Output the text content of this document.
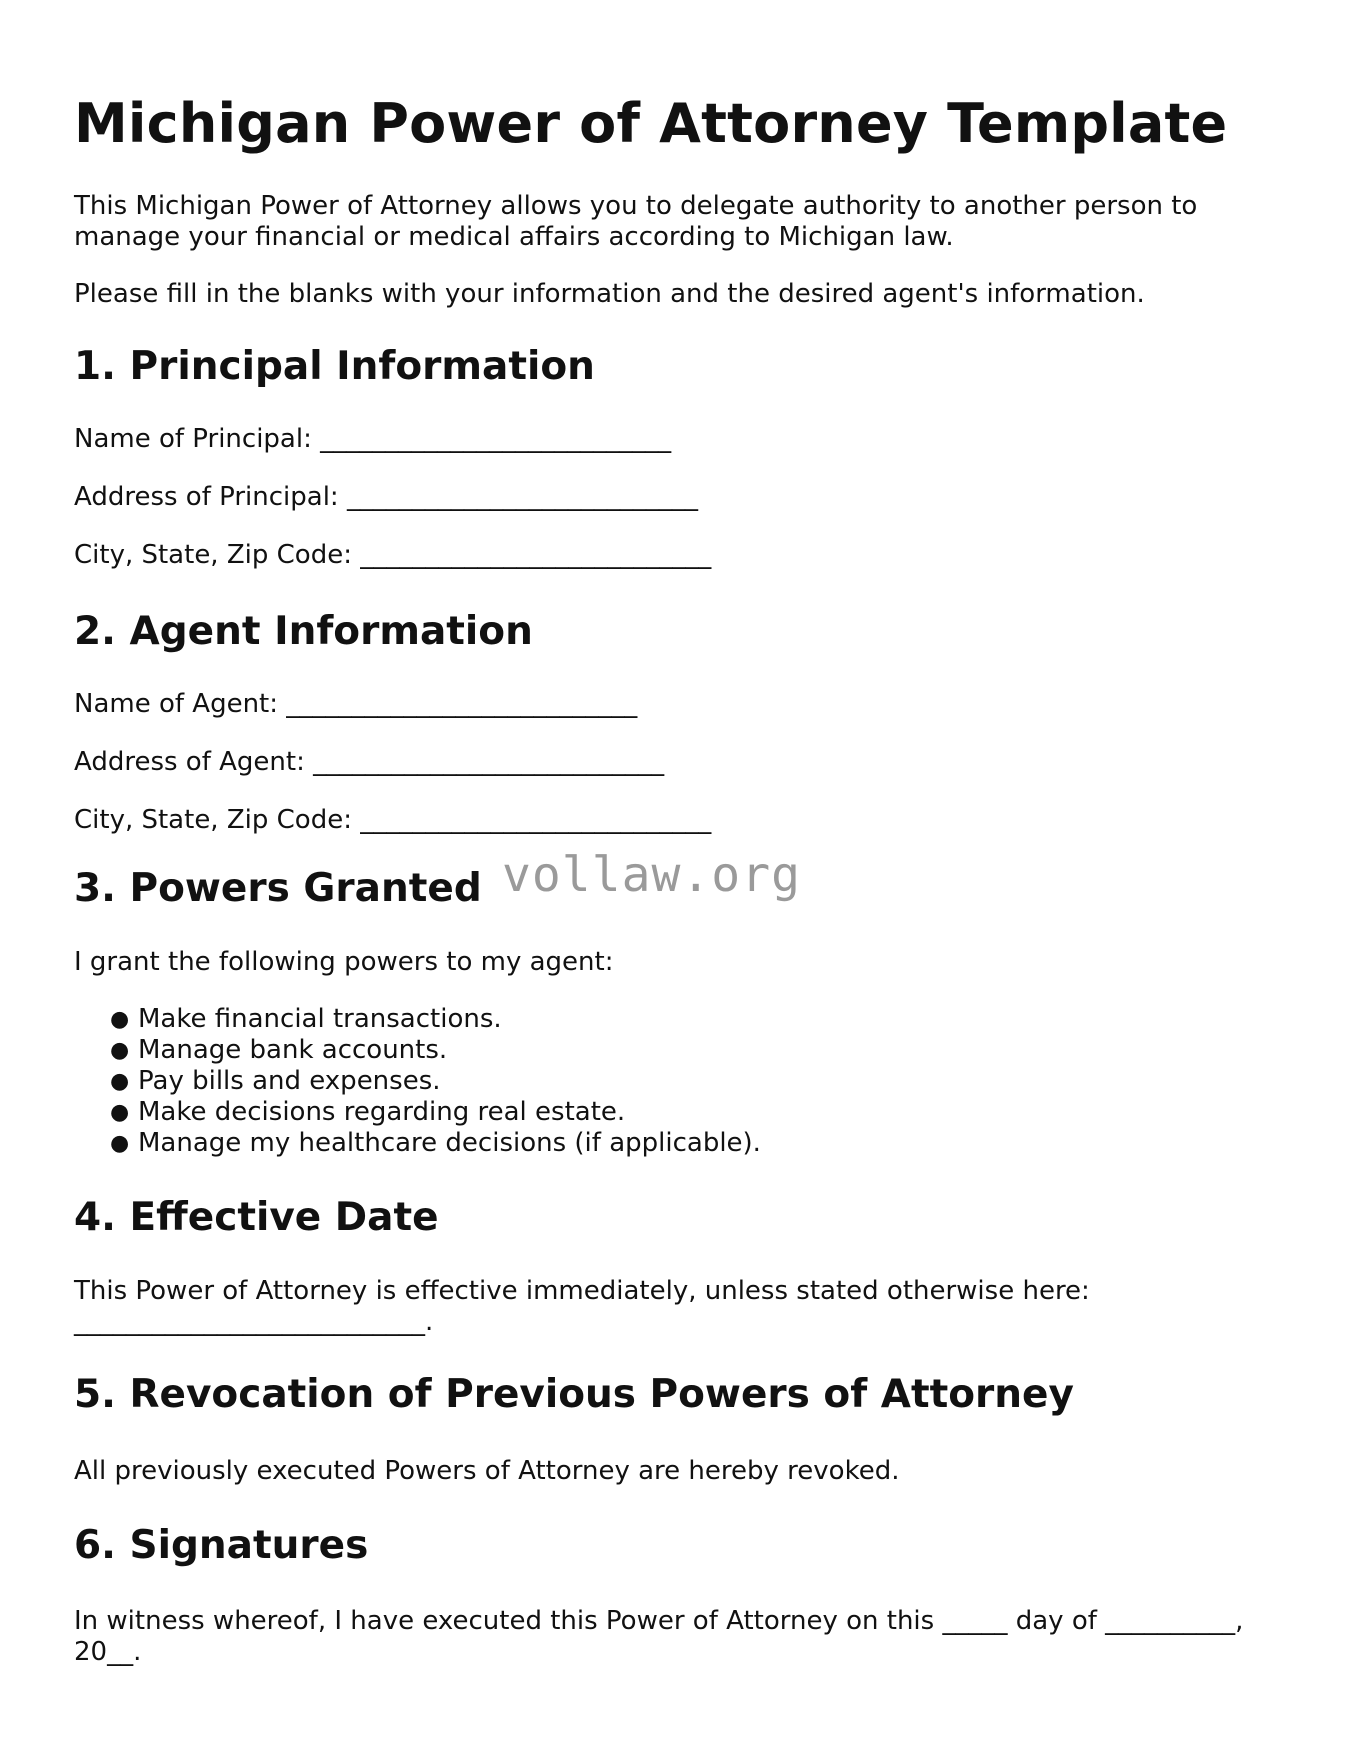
Michigan Power of Attorney Template

This Michigan Power of Attorney allows you to delegate authority to another person to
manage your financial or medical affairs according to Michigan law.

Please fill in the blanks with your information and the desired agent's information.

1. Principal Information

Name of Principal: ___________________________

Address of Principal: ___________________________

City, State, Zip Code: ___________________________

2. Agent Information

Name of Agent: ___________________________

Address of Agent: ___________________________

City, State, Zip Code: ___________________________

3. Powers Granted vollaw.org

I grant the following powers to my agent:

● Make financial transactions.
● Manage bank accounts.
● Pay bills and expenses.
● Make decisions regarding real estate.
● Manage my healthcare decisions (if applicable).
4. Effective Date

This Power of Attorney is effective immediately, unless stated otherwise here:
___________________________.

5. Revocation of Previous Powers of Attorney

All previously executed Powers of Attorney are hereby revoked.

6. Signatures

In witness whereof, I have executed this Power of Attorney on this _____ day of __________,
20__.
